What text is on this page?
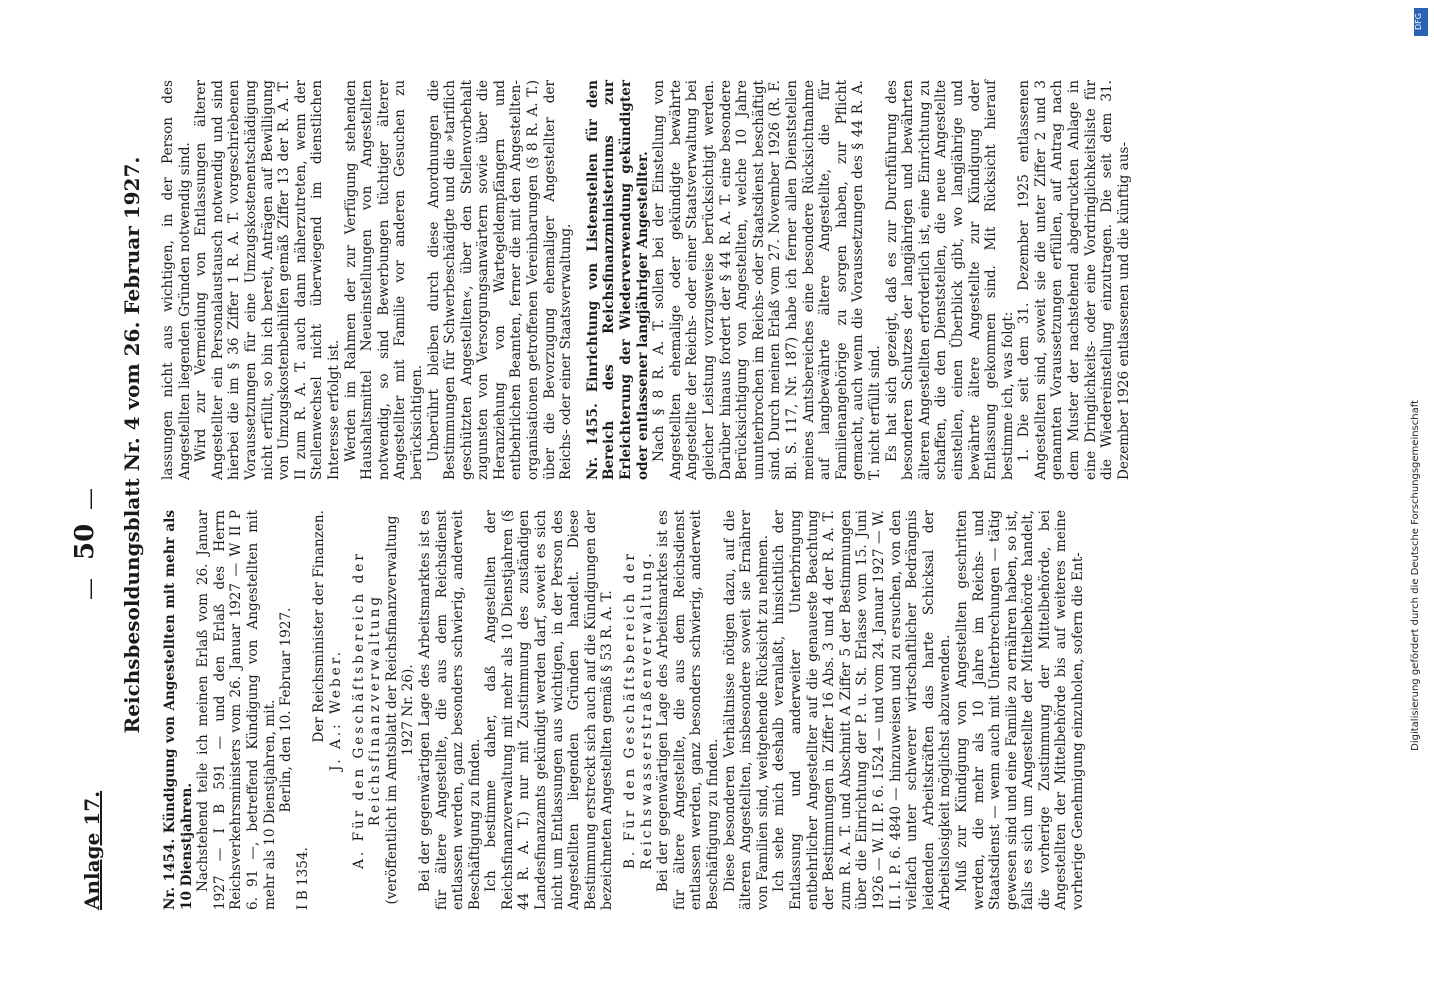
Anlage 17.
—
50
— Reichsbesoldungsblatt Nr. 4 vom 26. Februar 1927. Nr. 1454. Kündigung von Angestellten mit mehr als 10 Dienstjahren. Nachstehend teile ich meinen Erlaß vom 26. Januar 1927 — I B 591 — und den Erlaß des Herrn Reichsverkehrsministers vom 26. Januar 1927 — W II P 6. 91 —, betreffend Kündigung von Angestellten mit mehr als 10 Dienstjahren, mit. Berlin, den 10. Februar 1927.

I B 1354.

Der Reichsminister der Finanzen. J. A.: Weber. A. Für den Geschäftsbereich der Reichsfinanzverwaltung (veröffentlicht im Amtsblatt der Reichsfinanzverwaltung 1927 Nr. 26). Bei der gegenwärtigen Lage des Arbeitsmarktes ist es für ältere Angestellte, die aus dem Reichsdienst entlassen werden, ganz besonders schwierig, anderweit Beschäftigung zu finden. Ich bestimme daher, daß Angestellten der Reichsfinanzverwaltung mit mehr als 10 Dienstjahren (§ 44 R. A. T.) nur mit Zustimmung des zuständigen Landesfinanzamts gekündigt werden darf, soweit es sich nicht um Entlassungen aus wichtigen, in der Person des Angestellten liegenden Gründen handelt. Diese Bestimmung erstreckt sich auch auf die Kündigungen der bezeichneten Angestellten gemäß § 53 R. A. T. B. Für den Geschäftsbereich der Reichswasserstraßenverwaltung. Bei der gegenwärtigen Lage des Arbeitsmarktes ist es für ältere Angestellte, die aus dem Reichsdienst entlassen werden, ganz besonders schwierig, anderweit Beschäftigung zu finden. Diese besonderen Verhältnisse nötigen dazu, auf die älteren Angestellten, insbesondere soweit sie Ernährer von Familien sind, weitgehende Rücksicht zu nehmen. Ich sehe mich deshalb veranlaßt, hinsichtlich der Entlassung und anderweiter Unterbringung entbehrlicher Angestellter auf die genaueste Beachtung der Bestimmungen in Ziffer 16 Abs. 3 und 4 der R. A. T. zum R. A. T. und Abschnitt A Ziffer 5 der Bestimmungen über die Einrichtung der P. u. St. Erlasse vom 15. Juni 1926 — W. II. P. 6. 1524 — und vom 24. Januar 1927 — W. II. I. P. 6. 4840 — hinzuweisen und zu ersuchen, von den vielfach unter schwerer wirtschaftlicher Bedrängnis leidenden Arbeitskräften das harte Schicksal der Arbeitslosigkeit möglichst abzuwenden. Muß zur Kündigung von Angestellten geschritten werden, die mehr als 10 Jahre im Reichs- und Staatsdienst — wenn auch mit Unterbrechungen — tätig gewesen sind und eine Familie zu ernähren haben, so ist, falls es sich um Angestellte der Mittelbehörde handelt, die vorherige Zustimmung der Mittelbehörde, bei Angestellten der Mittelbehörde bis auf weiteres meine vorherige Genehmigung einzuholen, sofern die Ent-

lassungen nicht aus wichtigen, in der Person des Angestellten liegenden Gründen notwendig sind. Wird zur Vermeidung von Entlassungen älterer Angestellter ein Personalaustausch notwendig und sind hierbei die im § 36 Ziffer 1 R. A. T. vorgeschriebenen Voraussetzungen für eine Umzugskostenentschädigung nicht erfüllt, so bin ich bereit, Anträgen auf Bewilligung von Umzugskostenbeihilfen gemäß Ziffer 13 der R. A. T. II zum R. A. T. auch dann näherzutreten, wenn der Stellenwechsel nicht überwiegend im dienstlichen Interesse erfolgt ist. Werden im Rahmen der zur Verfügung stehenden Haushaltsmittel Neueinstellungen von Angestellten notwendig, so sind Bewerbungen tüchtiger älterer Angestellter mit Familie vor anderen Gesuchen zu berücksichtigen. Unberührt bleiben durch diese Anordnungen die Bestimmungen für Schwerbeschädigte und die »tariflich geschützten Angestellten«, über den Stellenvorbehalt zugunsten von Versorgungsanwärtern sowie über die Heranziehung von Wartegeldempfängern und entbehrlichen Beamten, ferner die mit den Angestellten-organisationen getroffenen Vereinbarungen (§ 8 R. A. T.) über die Bevorzugung ehemaliger Angestellter der Reichs- oder einer Staatsverwaltung. Nr. 1455. Einrichtung von Listenstellen für den Bereich des Reichsfinanzministeriums zur Erleichterung der Wiederverwendung gekündigter oder entlassener langjähriger Angestellter. Nach § 8 R. A. T. sollen bei der Einstellung von Angestellten ehemalige oder gekündigte bewährte Angestellte der Reichs- oder einer Staatsverwaltung bei gleicher Leistung vorzugsweise berücksichtigt werden. Darüber hinaus fordert der § 44 R. A. T. eine besondere Berücksichtigung von Angestellten, welche 10 Jahre ununterbrochen im Reichs- oder Staatsdienst beschäftigt sind. Durch meinen Erlaß vom 27. November 1926 (R. F. Bl. S. 117, Nr. 187) habe ich ferner allen Dienststellen meines Amtsbereiches eine besondere Rücksichtnahme auf langbewährte ältere Angestellte, die für Familienangehörige zu sorgen haben, zur Pflicht gemacht, auch wenn die Voraussetzungen des § 44 R. A. T. nicht erfüllt sind. Es hat sich gezeigt, daß es zur Durchführung des besonderen Schutzes der langjährigen und bewährten älteren Angestellten erforderlich ist, eine Einrichtung zu schaffen, die den Dienststellen, die neue Angestellte einstellen, einen Überblick gibt, wo langjährige und bewährte ältere Angestellte zur Kündigung oder Entlassung gekommen sind. Mit Rücksicht hierauf bestimme ich, was folgt: 1. Die seit dem 31. Dezember 1925 entlassenen Angestellten sind, soweit sie die unter Ziffer 2 und 3 genannten Voraussetzungen erfüllen, auf Antrag nach dem Muster der nachstehend abgedruckten Anlage in eine Dringlichkeits- oder eine Vordringlichkeitsliste für die Wiedereinstellung einzutragen. Die seit dem 31. Dezember 1926 entlassenen und die künftig aus-

DFG
Digitalisierung gefördert durch die Deutsche Forschungsgemeinschaft
